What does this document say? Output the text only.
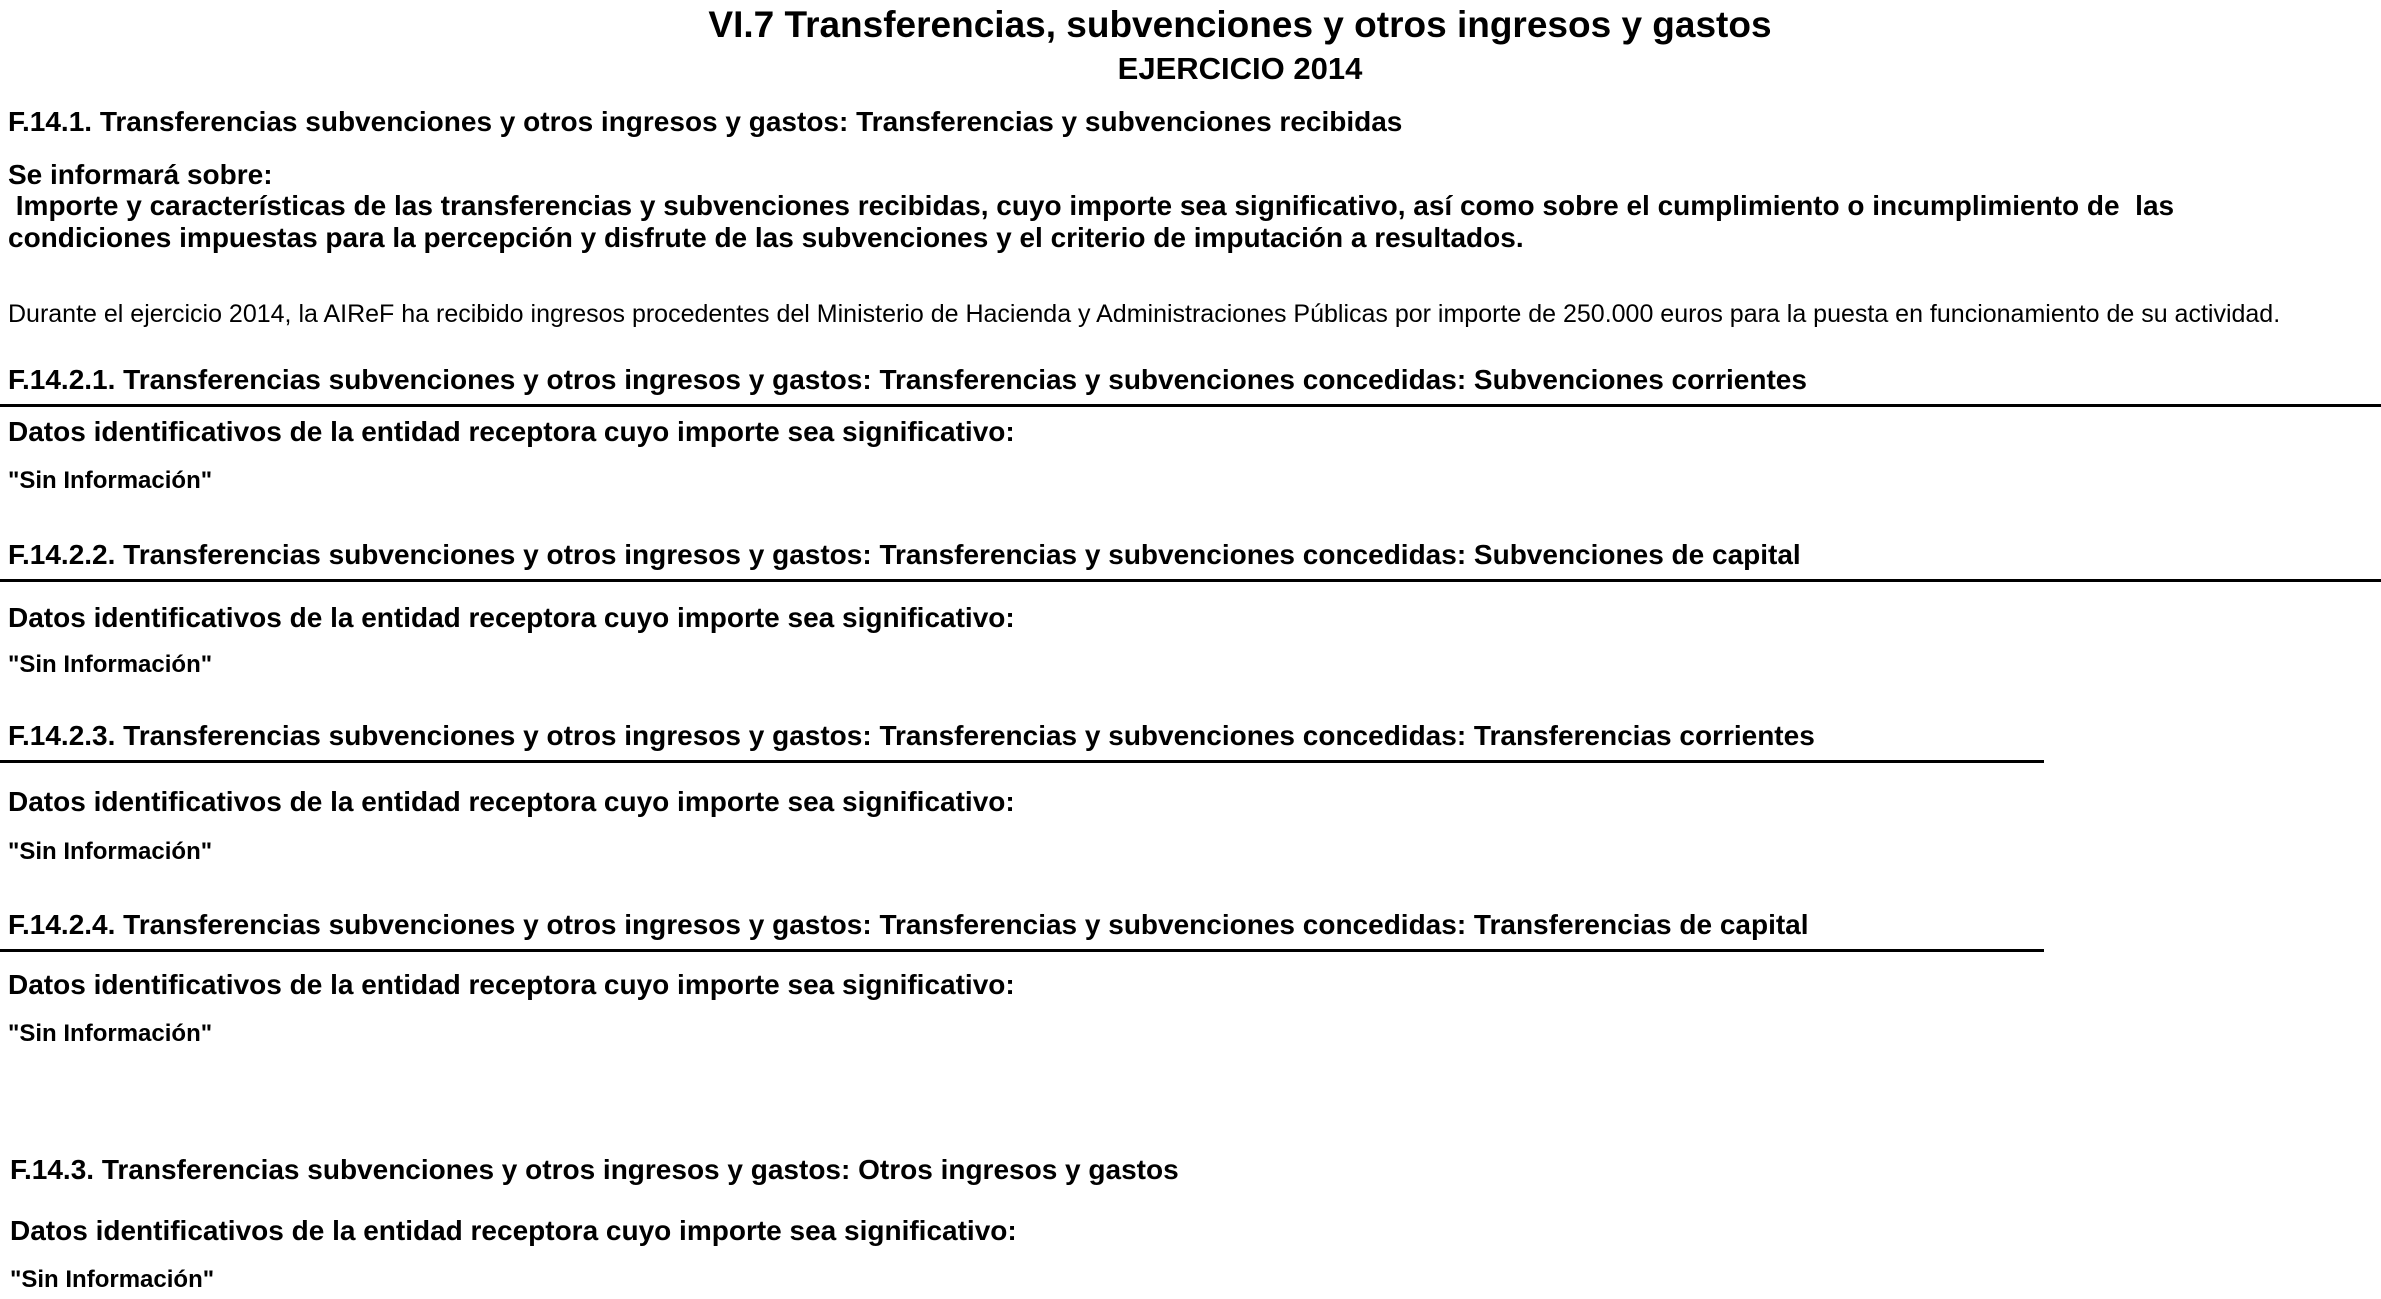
VI.7 Transferencias, subvenciones y otros ingresos y gastos
EJERCICIO 2014
F.14.1. Transferencias subvenciones y otros ingresos y gastos: Transferencias y subvenciones recibidas
Se informará sobre:
Importe y características de las transferencias y subvenciones recibidas, cuyo importe sea significativo, así como sobre el cumplimiento o incumplimiento de  las
condiciones impuestas para la percepción y disfrute de las subvenciones y el criterio de imputación a resultados.
Durante el ejercicio 2014, la AIReF ha recibido ingresos procedentes del Ministerio de Hacienda y Administraciones Públicas por importe de 250.000 euros para la puesta en funcionamiento de su actividad.
F.14.2.1. Transferencias subvenciones y otros ingresos y gastos: Transferencias y subvenciones concedidas: Subvenciones corrientes
Datos identificativos de la entidad receptora cuyo importe sea significativo:
"Sin Información"
F.14.2.2. Transferencias subvenciones y otros ingresos y gastos: Transferencias y subvenciones concedidas: Subvenciones de capital
Datos identificativos de la entidad receptora cuyo importe sea significativo:
"Sin Información"
F.14.2.3. Transferencias subvenciones y otros ingresos y gastos: Transferencias y subvenciones concedidas: Transferencias corrientes
Datos identificativos de la entidad receptora cuyo importe sea significativo:
"Sin Información"
F.14.2.4. Transferencias subvenciones y otros ingresos y gastos: Transferencias y subvenciones concedidas: Transferencias de capital
Datos identificativos de la entidad receptora cuyo importe sea significativo:
"Sin Información"
F.14.3. Transferencias subvenciones y otros ingresos y gastos: Otros ingresos y gastos
Datos identificativos de la entidad receptora cuyo importe sea significativo:
"Sin Información"
